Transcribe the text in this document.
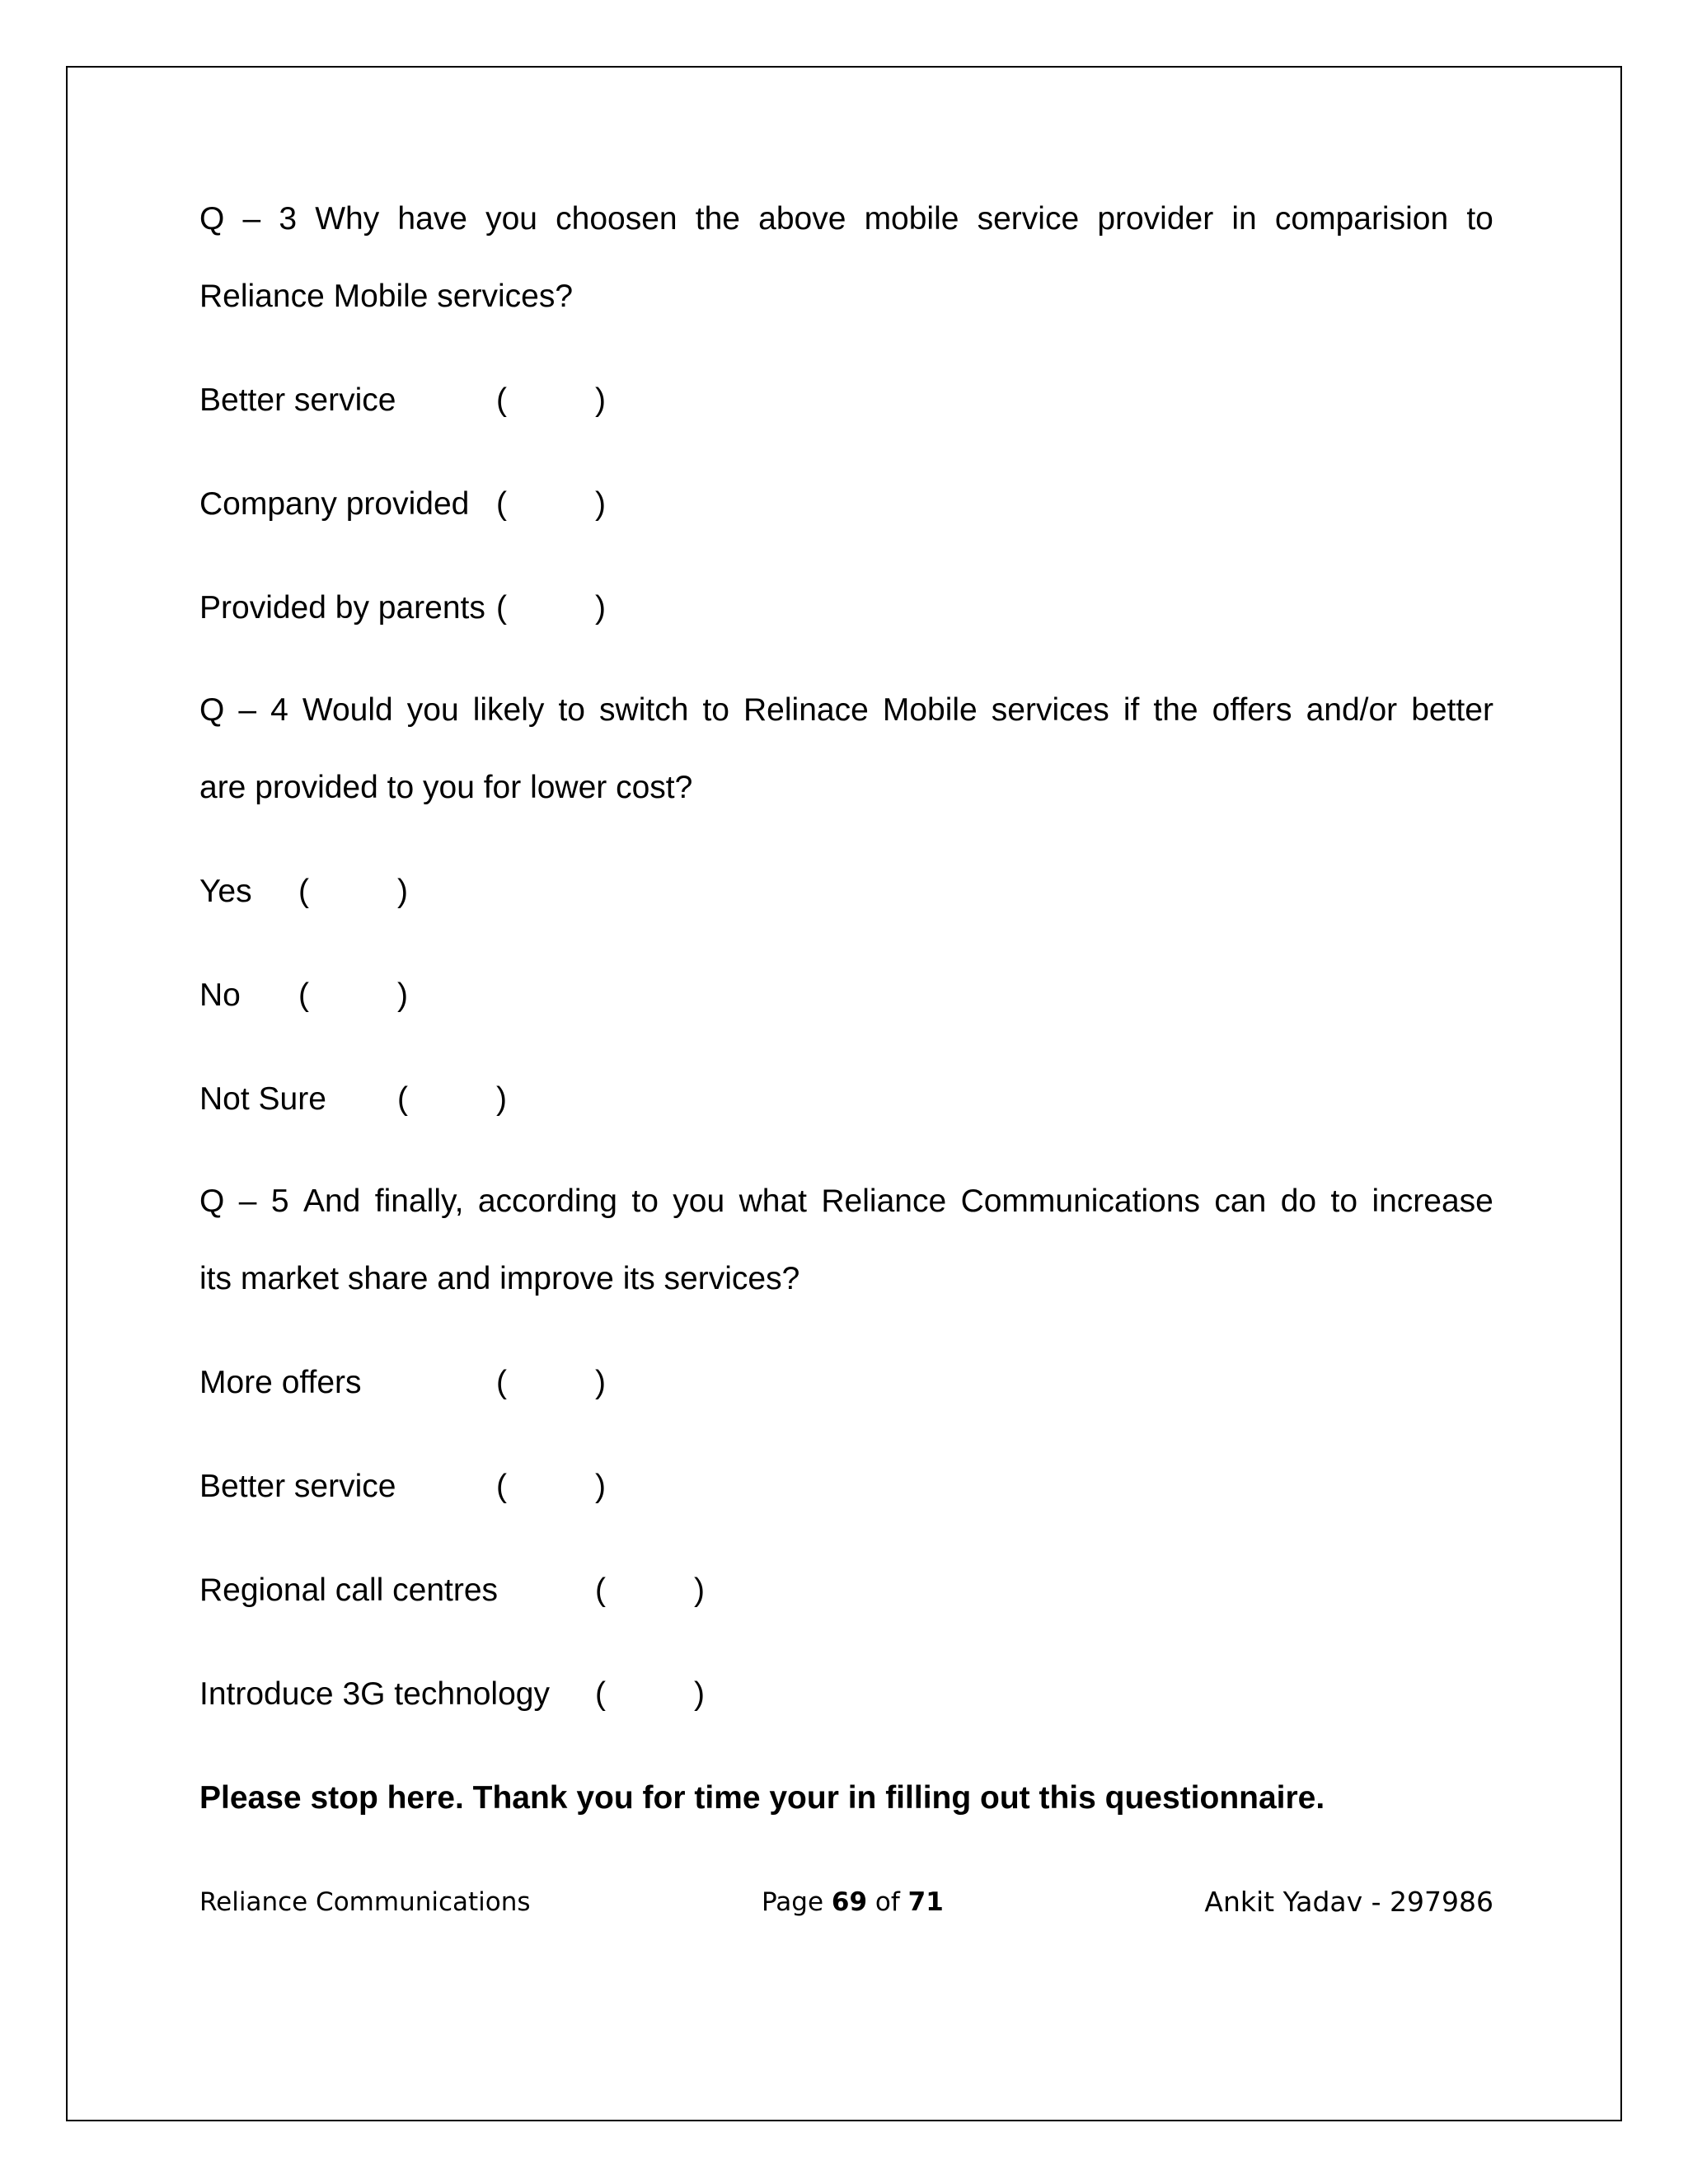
Q – 3 Why have you choosen the above mobile service provider in comparision to
Reliance Mobile services?
Better service	(	)
Company provided (	)
Provided by parents (	)
Q – 4 Would you likely to switch to Relinace Mobile services if the offers and/or better
are provided to you for lower cost?
Yes (	)
No (	)
Not Sure (	)
Q – 5 And finally, according to you what Reliance Communications can do to increase
its market share and improve its services?
More offers	(	)
Better service	(	)
Regional call centres	(	)
Introduce 3G technology (	)
Please stop here. Thank you for time your in filling out this questionnaire.
Reliance Communications	Page 69 of 71	Ankit Yadav - 297986
